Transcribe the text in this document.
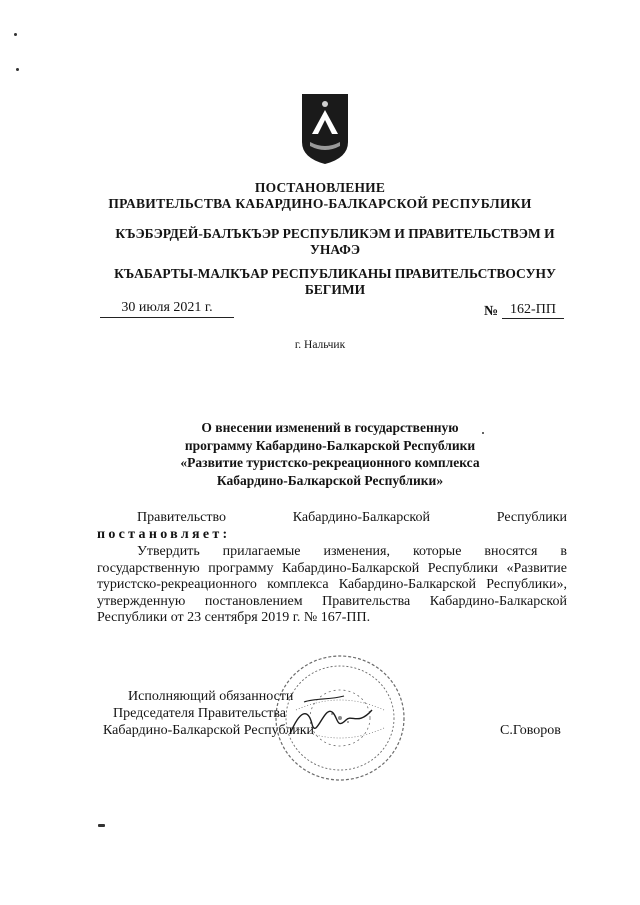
ПОСТАНОВЛЕНИЕ
ПРАВИТЕЛЬСТВА КАБАРДИНО-БАЛКАРСКОЙ РЕСПУБЛИКИ
КЪЭБЭРДЕЙ-БАЛЪКЪЭР РЕСПУБЛИКЭМ И ПРАВИТЕЛЬСТВЭМ И УНАФЭ
КЪАБАРТЫ-МАЛКЪАР РЕСПУБЛИКАНЫ ПРАВИТЕЛЬСТВОСУНУ БЕГИМИ
30 июля 2021 г.	№ 162-ПП
г. Нальчик
О внесении изменений в государственную
программу Кабардино-Балкарской Республики
«Развитие туристско-рекреационного комплекса
Кабардино-Балкарской Республики»
Правительство	Кабардино-Балкарской	Республики
постановляет:
Утвердить прилагаемые изменения, которые вносятся в государственную программу Кабардино-Балкарской Республики «Развитие туристско-рекреационного комплекса Кабардино-Балкарской Республики», утвержденную постановлением Правительства Кабардино-Балкарской Республики от 23 сентября 2019 г. № 167-ПП.
Исполняющий обязанности
Председателя Правительства
Кабардино-Балкарской Республики	С.Говоров
